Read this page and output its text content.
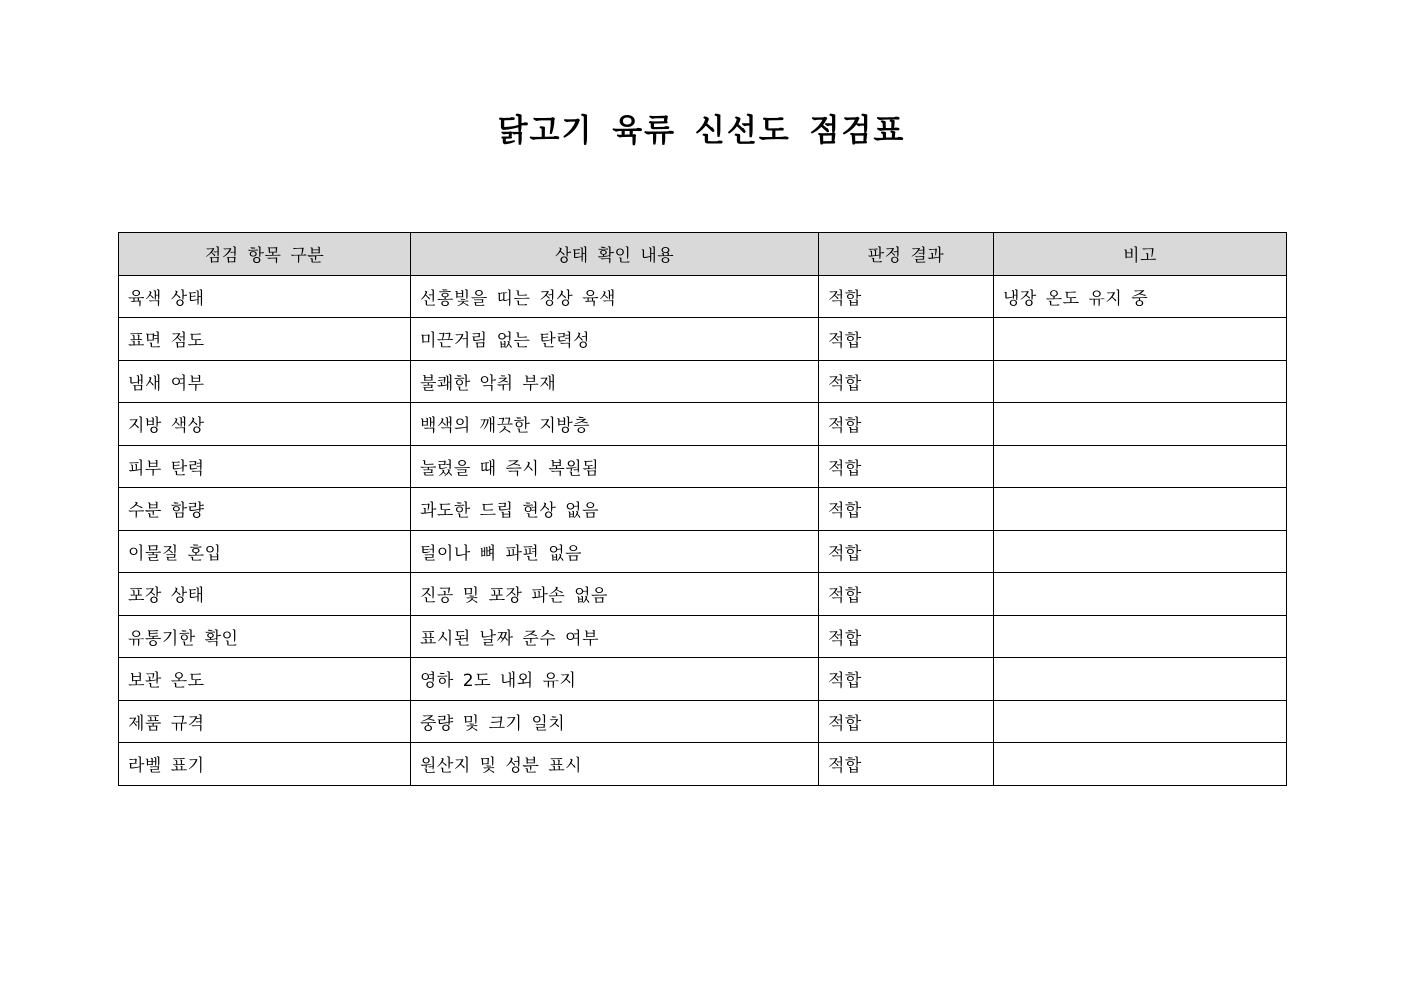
닭고기 육류 신선도 점검표
점검 항목 구분	상태 확인 내용	판정 결과	비고
육색 상태	선홍빛을 띠는 정상 육색	적합	냉장 온도 유지 중
표면 점도	미끈거림 없는 탄력성	적합	
냄새 여부	불쾌한 악취 부재	적합	
지방 색상	백색의 깨끗한 지방층	적합	
피부 탄력	눌렀을 때 즉시 복원됨	적합	
수분 함량	과도한 드립 현상 없음	적합	
이물질 혼입	털이나 뼈 파편 없음	적합	
포장 상태	진공 및 포장 파손 없음	적합	
유통기한 확인	표시된 날짜 준수 여부	적합	
보관 온도	영하 2도 내외 유지	적합	
제품 규격	중량 및 크기 일치	적합	
라벨 표기	원산지 및 성분 표시	적합	
